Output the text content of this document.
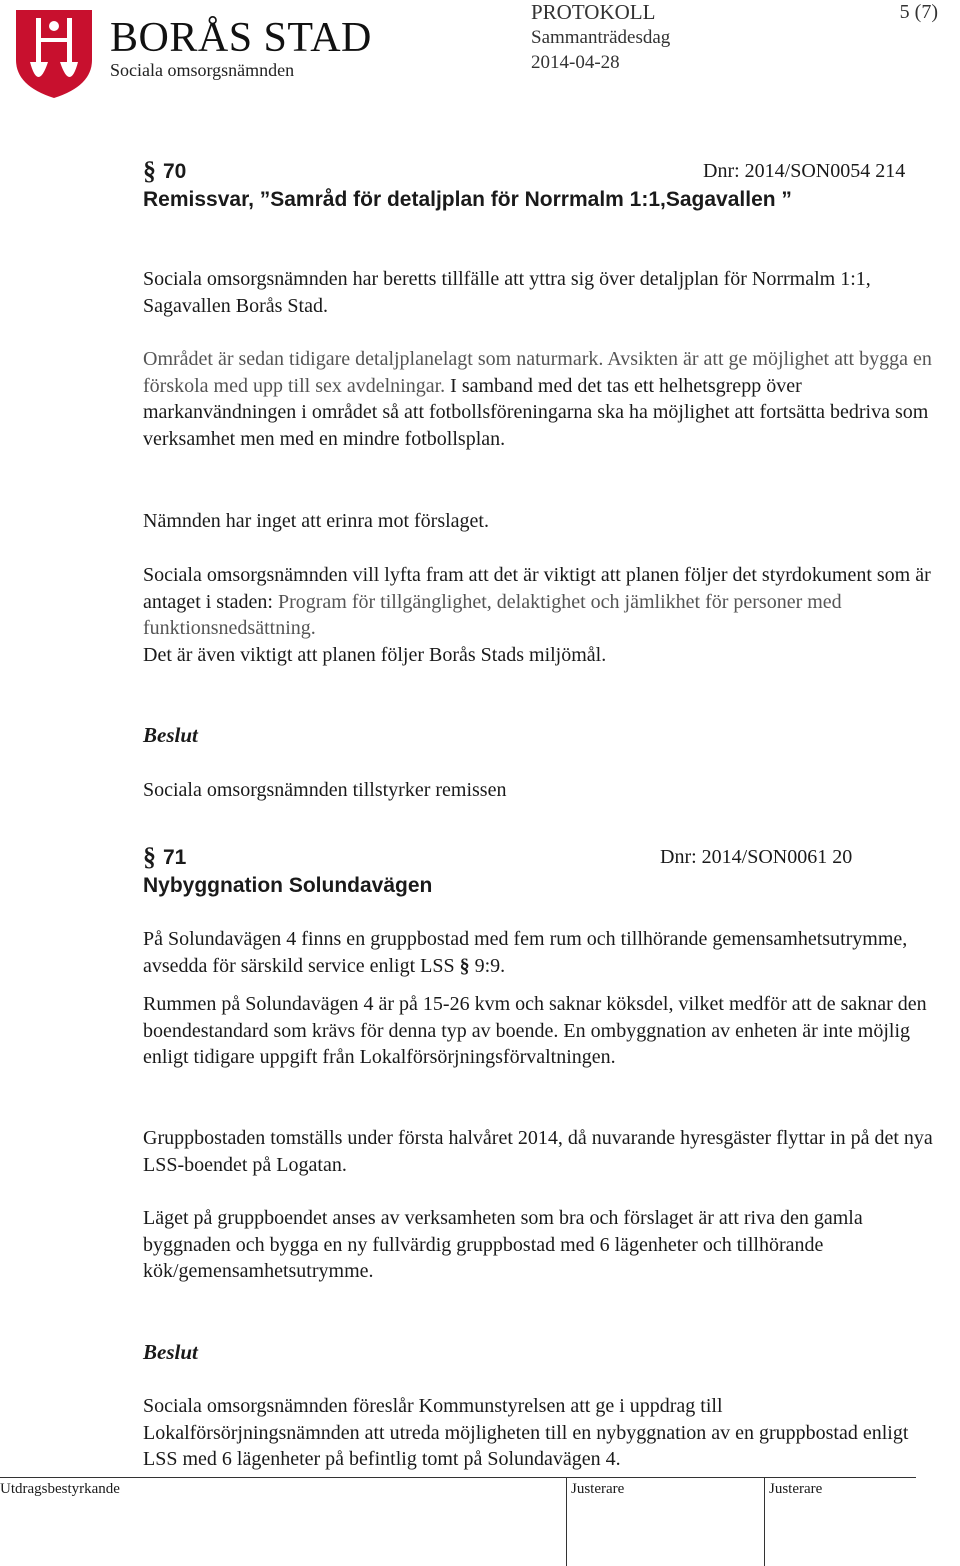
BORÅS STAD
Sociala omsorgsnämnden
PROTOKOLL
Sammanträdesdag
2014-04-28
5 (7)
§ 70	Dnr: 2014/SON0054 214
Remissvar, ”Samråd för detaljplan för Norrmalm 1:1,Sagavallen ”

Sociala omsorgsnämnden har beretts tillfälle att yttra sig över detaljplan för Norrmalm 1:1, Sagavallen Borås Stad.

Området är sedan tidigare detaljplanelagt som naturmark. Avsikten är att ge möjlighet att bygga en förskola med upp till sex avdelningar. I samband med det tas ett helhetsgrepp över markanvändningen i området så att fotbollsföreningarna ska ha möjlighet att fortsätta bedriva som verksamhet men med en mindre fotbollsplan.

Nämnden har inget att erinra mot förslaget.

Sociala omsorgsnämnden vill lyfta fram att det är viktigt att planen följer det styrdokument som är antaget i staden: Program för tillgänglighet, delaktighet och jämlikhet för personer med funktionsnedsättning.

Det är även viktigt att planen följer Borås Stads miljömål.

Beslut

Sociala omsorgsnämnden tillstyrker remissen

§ 71	Dnr: 2014/SON0061 20
Nybyggnation Solundavägen

På Solundavägen 4 finns en gruppbostad med fem rum och tillhörande gemensamhetsutrymme, avsedda för särskild service enligt LSS § 9:9.

Rummen på Solundavägen 4 är på 15-26 kvm och saknar köksdel, vilket medför att de saknar den boendestandard som krävs för denna typ av boende. En ombyggnation av enheten är inte möjlig enligt tidigare uppgift från Lokalförsörjningsförvaltningen.

Gruppbostaden tomställs under första halvåret 2014, då nuvarande hyresgäster flyttar in på det nya LSS-boendet på Logatan.

Läget på gruppboendet anses av verksamheten som bra och förslaget är att riva den gamla byggnaden och bygga en ny fullvärdig gruppbostad med 6 lägenheter och tillhörande kök/gemensamhetsutrymme.

Beslut

Sociala omsorgsnämnden föreslår Kommunstyrelsen att ge i uppdrag till Lokalförsörjningsnämnden att utreda möjligheten till en nybyggnation av en gruppbostad enligt LSS med 6 lägenheter på befintlig tomt på Solundavägen 4.

Utdragsbestyrkande	Justerare	Justerare
